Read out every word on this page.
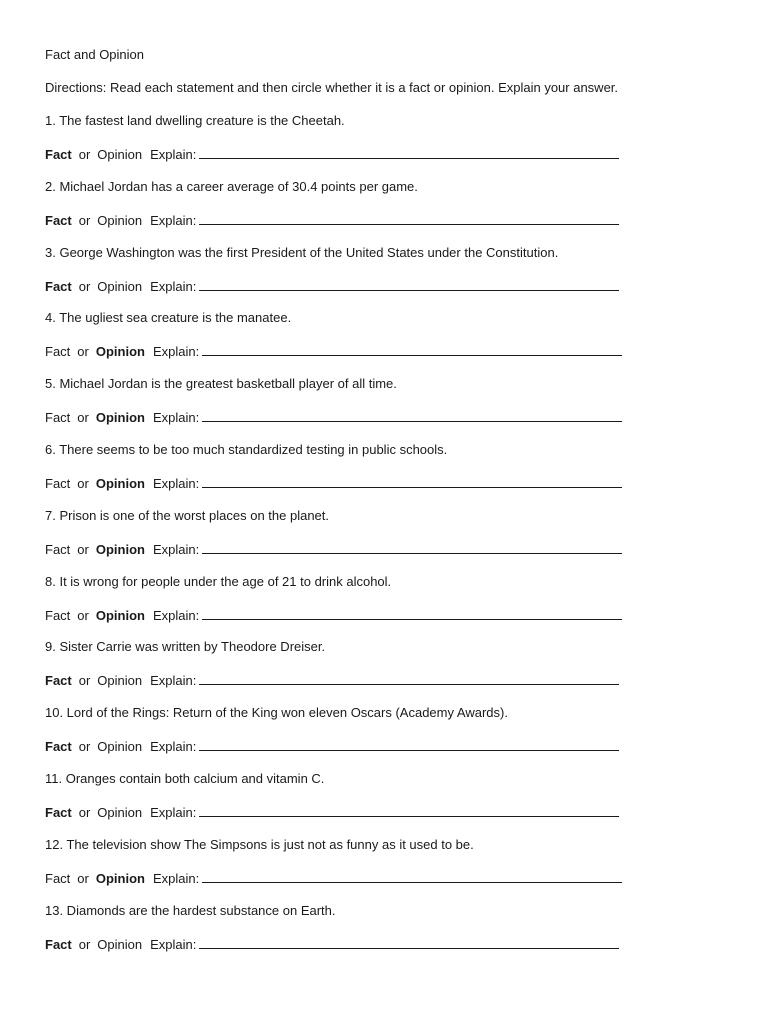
Fact and Opinion
Directions: Read each statement and then circle whether it is a fact or opinion. Explain your answer.
1. The fastest land dwelling creature is the Cheetah.
Fact or Opinion Explain:
2. Michael Jordan has a career average of 30.4 points per game.
Fact or Opinion Explain:
3. George Washington was the first President of the United States under the Constitution.
Fact or Opinion Explain:
4. The ugliest sea creature is the manatee.
Fact or Opinion Explain:
5. Michael Jordan is the greatest basketball player of all time.
Fact or Opinion Explain:
6. There seems to be too much standardized testing in public schools.
Fact or Opinion Explain:
7. Prison is one of the worst places on the planet.
Fact or Opinion Explain:
8. It is wrong for people under the age of 21 to drink alcohol.
Fact or Opinion Explain:
9. Sister Carrie was written by Theodore Dreiser.
Fact or Opinion Explain:
10. Lord of the Rings: Return of the King won eleven Oscars (Academy Awards).
Fact or Opinion Explain:
11. Oranges contain both calcium and vitamin C.
Fact or Opinion Explain:
12. The television show The Simpsons is just not as funny as it used to be.
Fact or Opinion Explain:
13. Diamonds are the hardest substance on Earth.
Fact or Opinion Explain:
